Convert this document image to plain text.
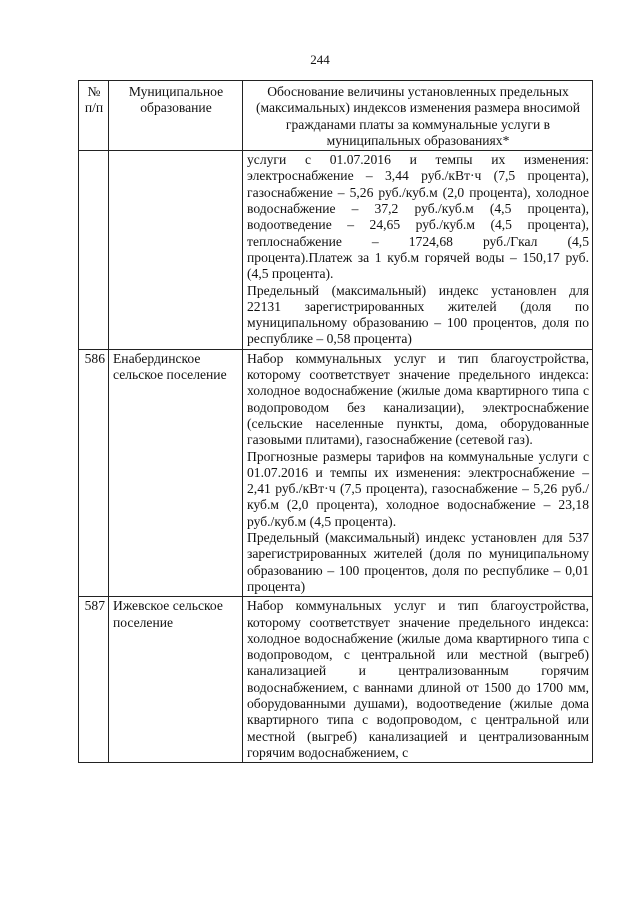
244
№ п/п	Муниципальное образование	Обоснование величины установленных предельных (максимальных) индексов изменения размера вносимой гражданами платы за коммунальные услуги в муниципальных образованиях*

		услуги с 01.07.2016 и темпы их изменения: электроснабжение – 3,44 руб./кВт·ч (7,5 процента), газоснабжение – 5,26 руб./куб.м (2,0 процента), холодное водоснабжение – 37,2 руб./куб.м (4,5 процента), водоотведение – 24,65 руб./куб.м (4,5 процента), теплоснабжение – 1724,68 руб./Гкал (4,5 процента).Платеж за 1 куб.м горячей воды – 150,17 руб. (4,5 процента).

Предельный (максимальный) индекс установлен для 22131 зарегистрированных жителей (доля по муниципальному образованию – 100 процентов, доля по республике – 0,58 процента)

586	Енабердинское сельское поселение	Набор коммунальных услуг и тип благоустройства, которому соответствует значение предельного индекса: холодное водоснабжение (жилые дома квартирного типа с водопроводом без канализации), электроснабжение (сельские населенные пункты, дома, оборудованные газовыми плитами), газоснабжение (сетевой газ).

Прогнозные размеры тарифов на коммунальные услуги с 01.07.2016 и темпы их изменения: электроснабжение – 2,41 руб./кВт·ч (7,5 процента), газоснабжение – 5,26 руб./куб.м (2,0 процента), холодное водоснабжение – 23,18 руб./куб.м (4,5 процента).

Предельный (максимальный) индекс установлен для 537 зарегистрированных жителей (доля по муниципальному образованию – 100 процентов, доля по республике – 0,01 процента)

587	Ижевское сельское поселение	Набор коммунальных услуг и тип благоустройства, которому соответствует значение предельного индекса: холодное водоснабжение (жилые дома квартирного типа с водопроводом, с центральной или местной (выгреб) канализацией и централизованным горячим водоснабжением, с ваннами длиной от 1500 до 1700 мм, оборудованными душами), водоотведение (жилые дома квартирного типа с водопроводом, с центральной или местной (выгреб) канализацией и централизованным горячим водоснабжением, с
